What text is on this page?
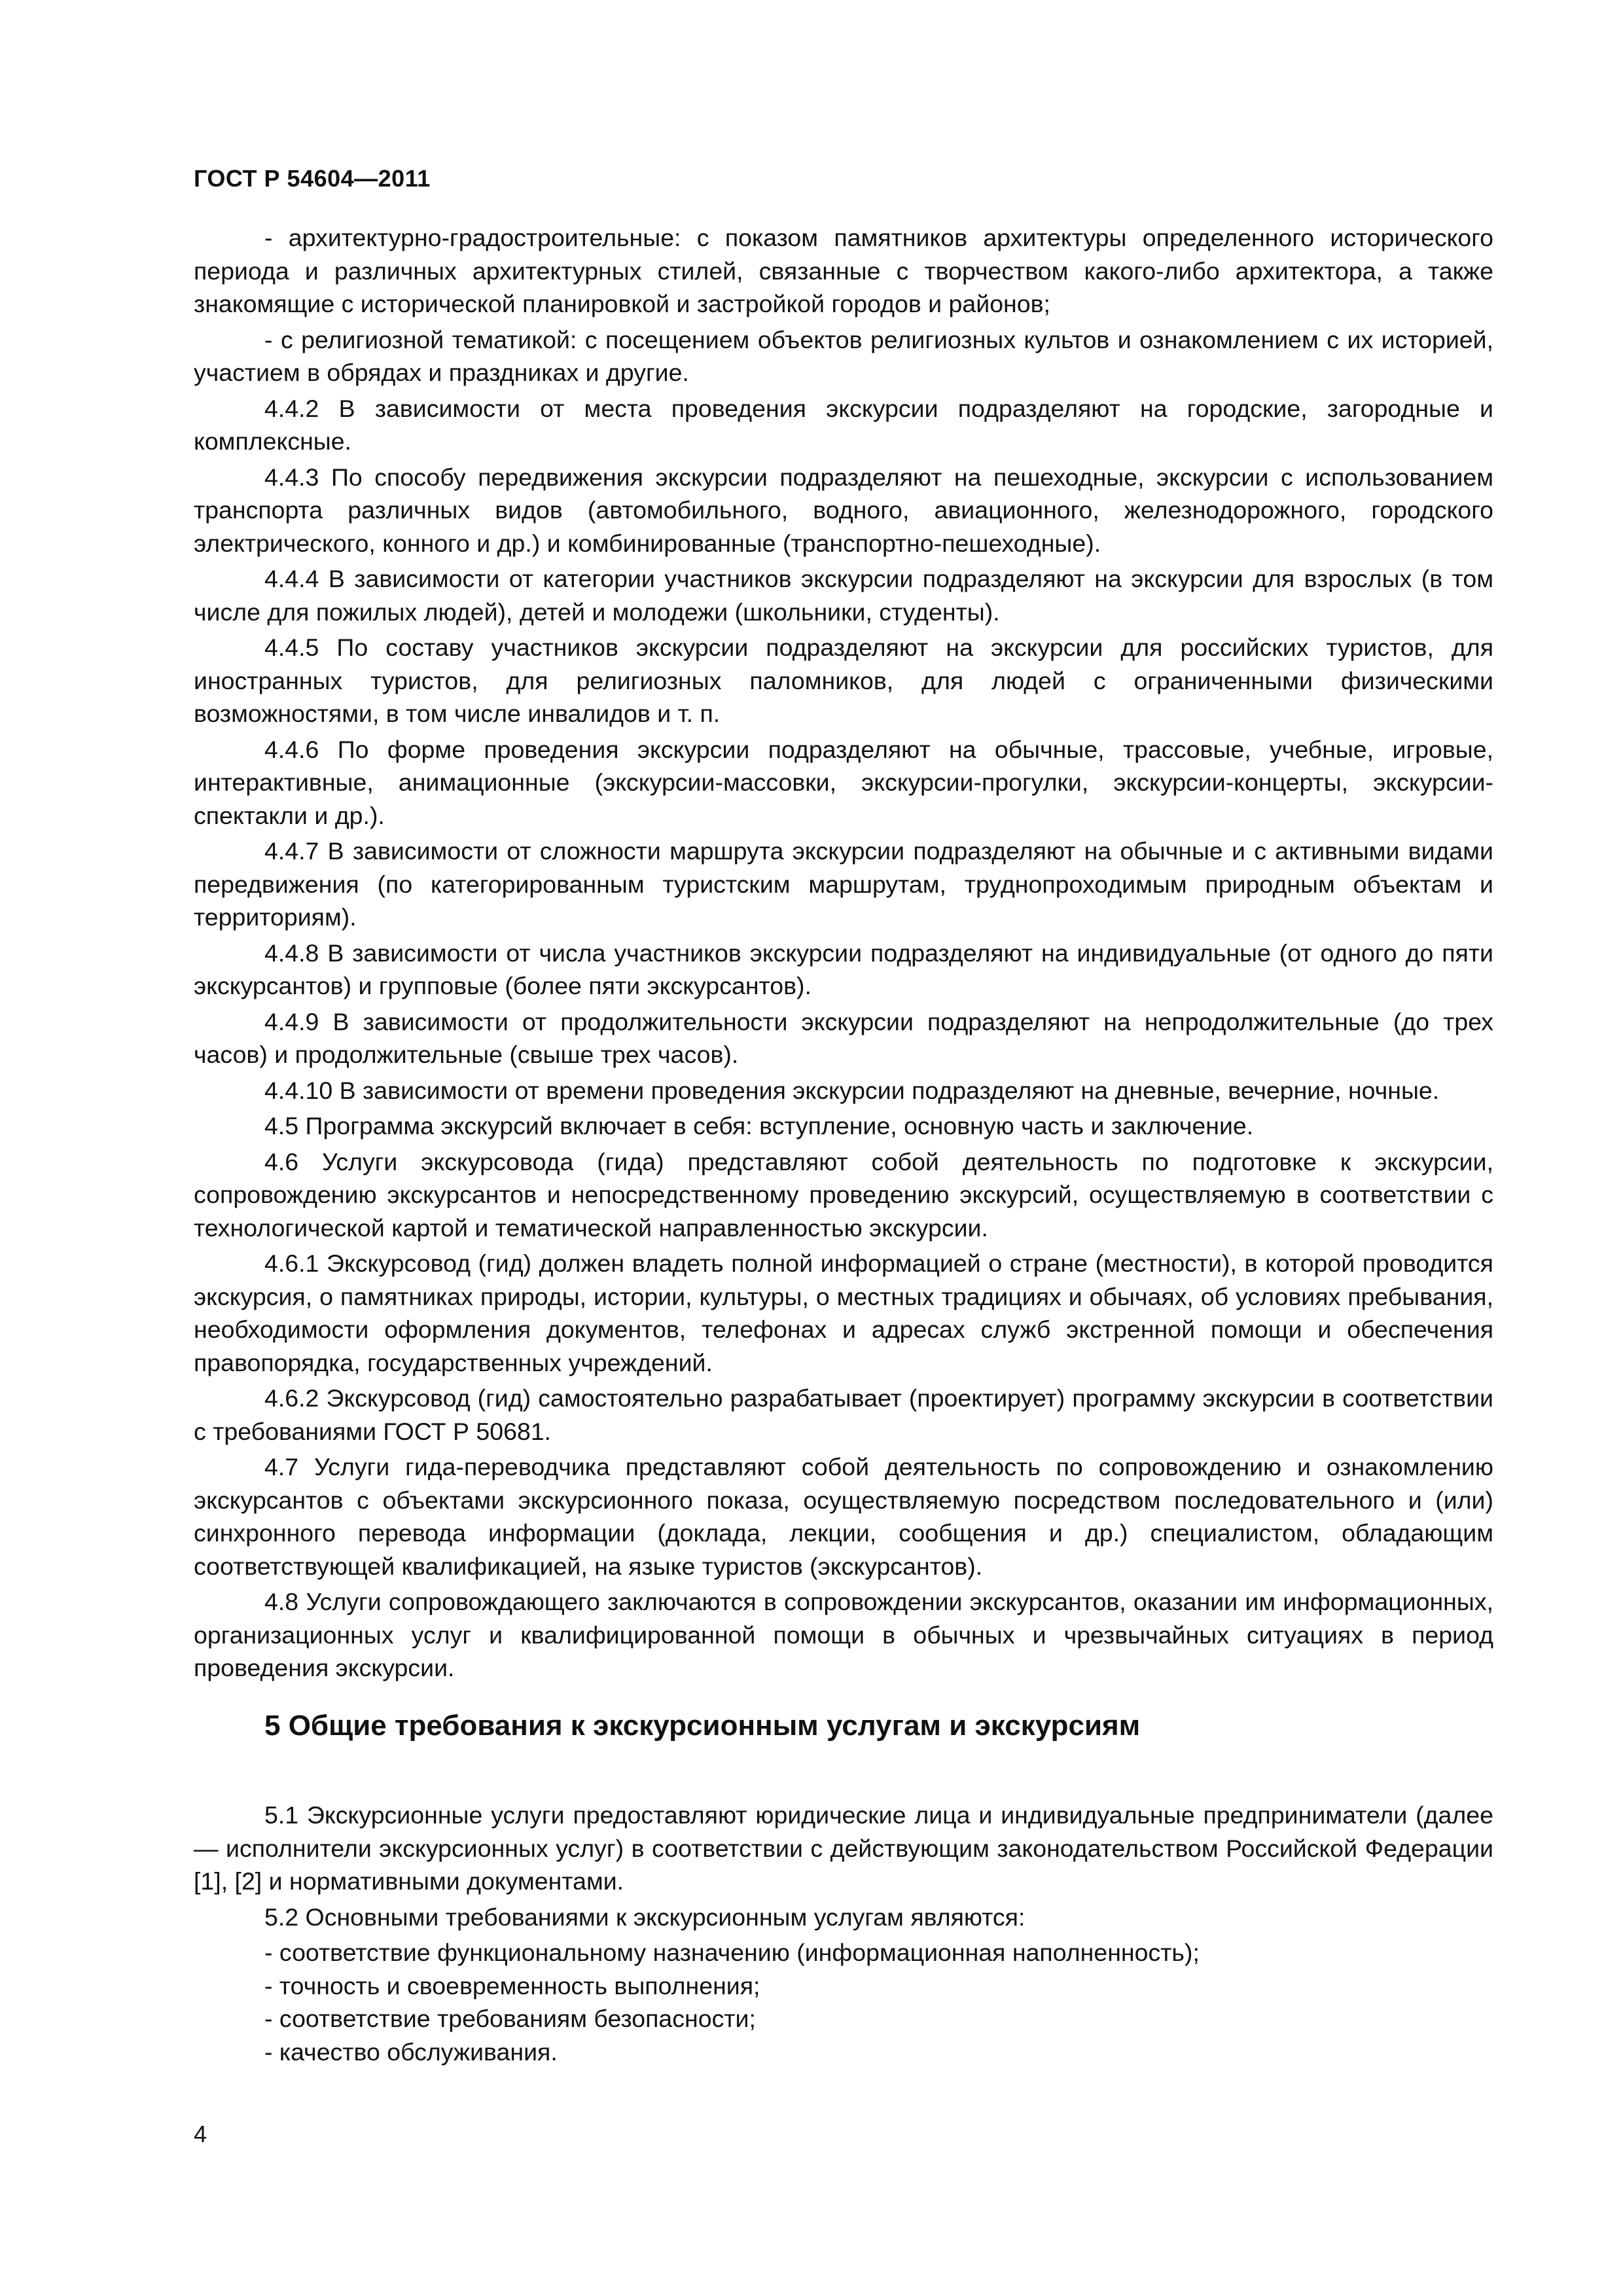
ГОСТ Р 54604—2011

- архитектурно-градостроительные: с показом памятников архитектуры определенного исторического периода и различных архитектурных стилей, связанные с творчеством какого-либо архитектора, а также знакомящие с исторической планировкой и застройкой городов и районов;

- с религиозной тематикой: с посещением объектов религиозных культов и ознакомлением с их историей, участием в обрядах и праздниках и другие.

4.4.2 В зависимости от места проведения экскурсии подразделяют на городские, загородные и комплексные.

4.4.3 По способу передвижения экскурсии подразделяют на пешеходные, экскурсии с использованием транспорта различных видов (автомобильного, водного, авиационного, железнодорожного, городского электрического, конного и др.) и комбинированные (транспортно-пешеходные).

4.4.4 В зависимости от категории участников экскурсии подразделяют на экскурсии для взрослых (в том числе для пожилых людей), детей и молодежи (школьники, студенты).

4.4.5 По составу участников экскурсии подразделяют на экскурсии для российских туристов, для иностранных туристов, для религиозных паломников, для людей с ограниченными физическими возможностями, в том числе инвалидов и т. п.

4.4.6 По форме проведения экскурсии подразделяют на обычные, трассовые, учебные, игровые, интерактивные, анимационные (экскурсии-массовки, экскурсии-прогулки, экскурсии-концерты, экскурсии-спектакли и др.).

4.4.7 В зависимости от сложности маршрута экскурсии подразделяют на обычные и с активными видами передвижения (по категорированным туристским маршрутам, труднопроходимым природным объектам и территориям).

4.4.8 В зависимости от числа участников экскурсии подразделяют на индивидуальные (от одного до пяти экскурсантов) и групповые (более пяти экскурсантов).

4.4.9 В зависимости от продолжительности экскурсии подразделяют на непродолжительные (до трех часов) и продолжительные (свыше трех часов).

4.4.10 В зависимости от времени проведения экскурсии подразделяют на дневные, вечерние, ночные.

4.5 Программа экскурсий включает в себя: вступление, основную часть и заключение.

4.6 Услуги экскурсовода (гида) представляют собой деятельность по подготовке к экскурсии, сопровождению экскурсантов и непосредственному проведению экскурсий, осуществляемую в соответствии с технологической картой и тематической направленностью экскурсии.

4.6.1 Экскурсовод (гид) должен владеть полной информацией о стране (местности), в которой проводится экскурсия, о памятниках природы, истории, культуры, о местных традициях и обычаях, об условиях пребывания, необходимости оформления документов, телефонах и адресах служб экстренной помощи и обеспечения правопорядка, государственных учреждений.

4.6.2 Экскурсовод (гид) самостоятельно разрабатывает (проектирует) программу экскурсии в соответствии с требованиями ГОСТ Р 50681.

4.7 Услуги гида-переводчика представляют собой деятельность по сопровождению и ознакомлению экскурсантов с объектами экскурсионного показа, осуществляемую посредством последовательного и (или) синхронного перевода информации (доклада, лекции, сообщения и др.) специалистом, обладающим соответствующей квалификацией, на языке туристов (экскурсантов).

4.8 Услуги сопровождающего заключаются в сопровождении экскурсантов, оказании им информационных, организационных услуг и квалифицированной помощи в обычных и чрезвычайных ситуациях в период проведения экскурсии.

5 Общие требования к экскурсионным услугам и экскурсиям

5.1 Экскурсионные услуги предоставляют юридические лица и индивидуальные предприниматели (далее — исполнители экскурсионных услуг) в соответствии с действующим законодательством Российской Федерации [1], [2] и нормативными документами.

5.2 Основными требованиями к экскурсионным услугам являются:

- соответствие функциональному назначению (информационная наполненность);

- точность и своевременность выполнения;

- соответствие требованиям безопасности;

- качество обслуживания.

4
